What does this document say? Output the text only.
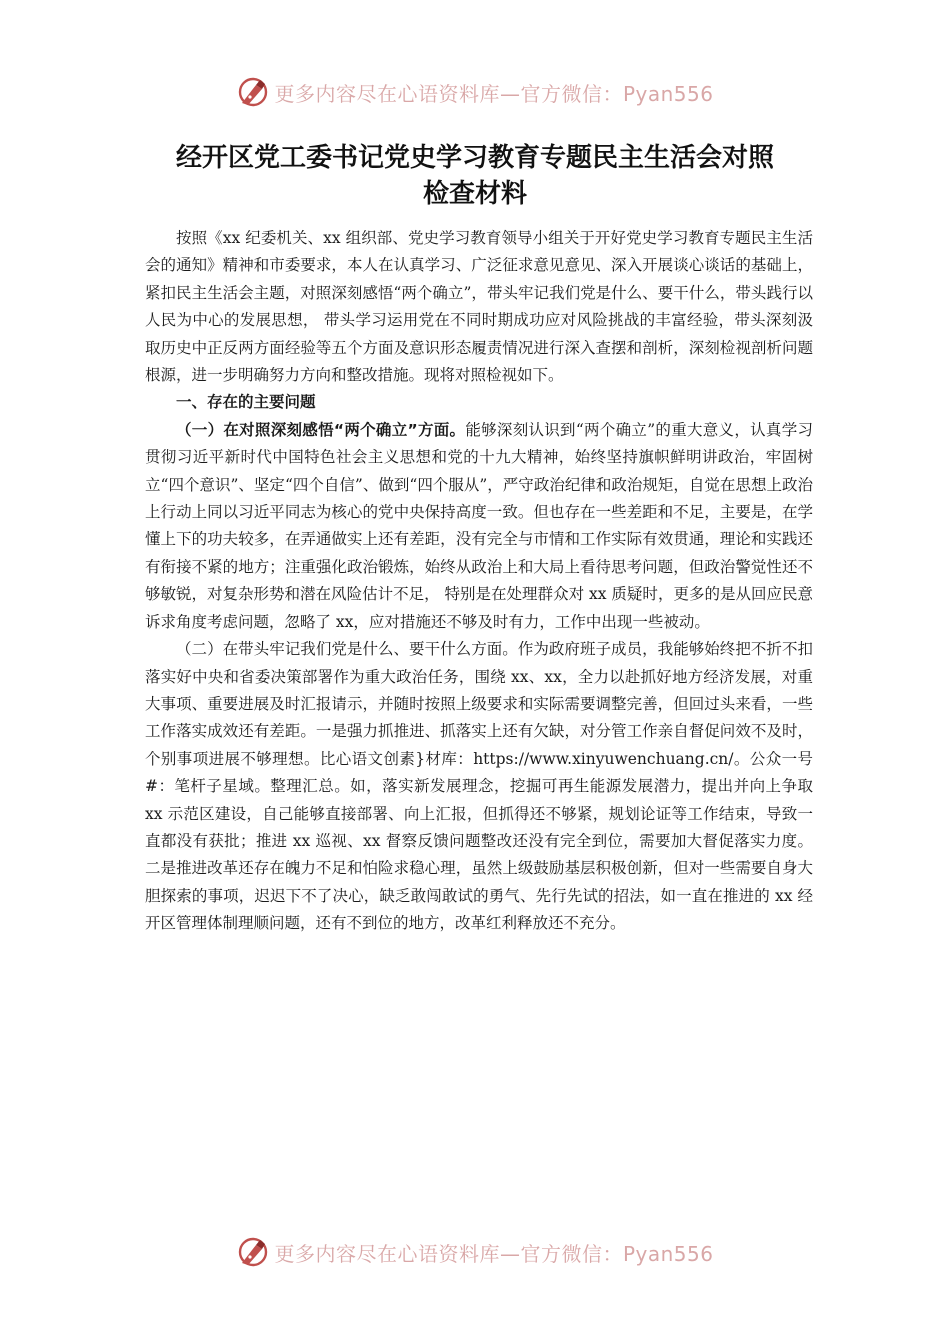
更多内容尽在心语资料库—官方微信：Pyan556
经开区党工委书记党史学习教育专题民主生活会对照
检查材料

按照《xx 纪委机关、xx 组织部、党史学习教育领导小组关于开好党史学习教育专题民主生活会的通知》精神和市委要求，本人在认真学习、广泛征求意见意见、深入开展谈心谈话的基础上，紧扣民主生活会主题，对照深刻感悟“两个确立”，带头牢记我们党是什么、要干什么，带头践行以人民为中心的发展思想， 带头学习运用党在不同时期成功应对风险挑战的丰富经验，带头深刻汲取历史中正反两方面经验等五个方面及意识形态履责情况进行深入查摆和剖析，深刻检视剖析问题根源，进一步明确努力方向和整改措施。现将对照检视如下。

一、存在的主要问题

（一）在对照深刻感悟“两个确立”方面。能够深刻认识到“两个确立”的重大意义，认真学习贯彻习近平新时代中国特色社会主义思想和党的十九大精神，始终坚持旗帜鲜明讲政治，牢固树立“四个意识”、坚定“四个自信”、做到“四个服从”，严守政治纪律和政治规矩，自觉在思想上政治上行动上同以习近平同志为核心的党中央保持高度一致。但也存在一些差距和不足，主要是，在学懂上下的功夫较多，在弄通做实上还有差距，没有完全与市情和工作实际有效贯通，理论和实践还有衔接不紧的地方；注重强化政治锻炼，始终从政治上和大局上看待思考问题，但政治警觉性还不够敏锐，对复杂形势和潜在风险估计不足， 特别是在处理群众对 xx 质疑时，更多的是从回应民意诉求角度考虑问题，忽略了 xx，应对措施还不够及时有力，工作中出现一些被动。

（二）在带头牢记我们党是什么、要干什么方面。作为政府班子成员，我能够始终把不折不扣落实好中央和省委决策部署作为重大政治任务，围绕 xx、xx，全力以赴抓好地方经济发展，对重大事项、重要进展及时汇报请示，并随时按照上级要求和实际需要调整完善，但回过头来看，一些工作落实成效还有差距。一是强力抓推进、抓落实上还有欠缺，对分管工作亲自督促问效不及时，个别事项进展不够理想。比心语文创素}材库：https://www.xinyuwenchuang.cn/。公众一号#：笔杆子星域。整理汇总。如，落实新发展理念，挖掘可再生能源发展潜力，提出并向上争取 xx 示范区建设，自己能够直接部署、向上汇报，但抓得还不够紧，规划论证等工作结束，导致一直都没有获批；推进 xx 巡视、xx 督察反馈问题整改还没有完全到位，需要加大督促落实力度。二是推进改革还存在魄力不足和怕险求稳心理，虽然上级鼓励基层积极创新，但对一些需要自身大胆探索的事项，迟迟下不了决心，缺乏敢闯敢试的勇气、先行先试的招法，如一直在推进的 xx 经开区管理体制理顺问题，还有不到位的地方，改革红利释放还不充分。

更多内容尽在心语资料库—官方微信：Pyan556
